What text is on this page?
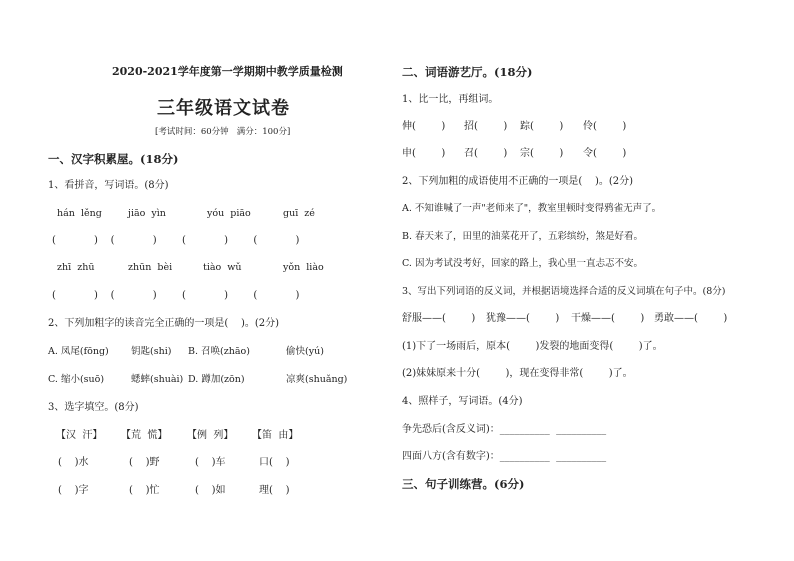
2020-2021学年度第一学期期中教学质量检测
三年级语文试卷
[考试时间：60分钟   满分：100分]
一、汉字积累屋。(18分)
1、看拼音，写词语。(8分)
hán  lěng	jiāo  yìn	yóu  piāo	guī  zé
(            )    (            )        (            )        (            )
zhī  zhū	zhūn  bèi	tiào  wǔ	yǒn  liào
(            )    (            )        (            )        (            )
2、下列加粗字的读音完全正确的一项是(    )。(2分)
A. 凤尾(fōng) 钥匙(shi) B. 召唤(zhāo)	偷快(yú)
C. 缩小(suō)	蟋蟀(shuài) D. 蹲加(zōn)	凉爽(shuǎng)
3、选字填空。(8分)
【汉  汗】 【荒  慌】 【例  列】 【笛  由】
(    )水	(    )野	(    )车	口(    )
(    )字	(    )忙	(    )如	理(    )
二、词语游艺厅。(18分)
1、比一比，再组词。
伸(        ) 招(        ) 踪(        ) 伶(        )
申(        ) 召(        ) 宗(        ) 令(        )
2、下列加粗的成语使用不正确的一项是(    )。(2分)
A. 不知谁喊了一声"老师来了"，教室里顿时变得鸦雀无声了。
B. 春天来了，田里的油菜花开了，五彩缤纷，煞是好看。
C. 因为考试没考好，回家的路上，我心里一直忐忑不安。
3、写出下列词语的反义词，并根据语境选择合适的反义词填在句子中。(8分)
舒服——(        ) 犹豫——(        ) 干燥——(        ) 勇敢——(        )
(1)下了一场雨后，原本(        )发裂的地面变得(        )了。
(2)妹妹原来十分(        )，现在变得非常(        )了。
4、照样子，写词语。(4分)
争先恐后(含反义词)：__________  __________
四面八方(含有数字)：__________  __________
三、句子训练营。(6分)
